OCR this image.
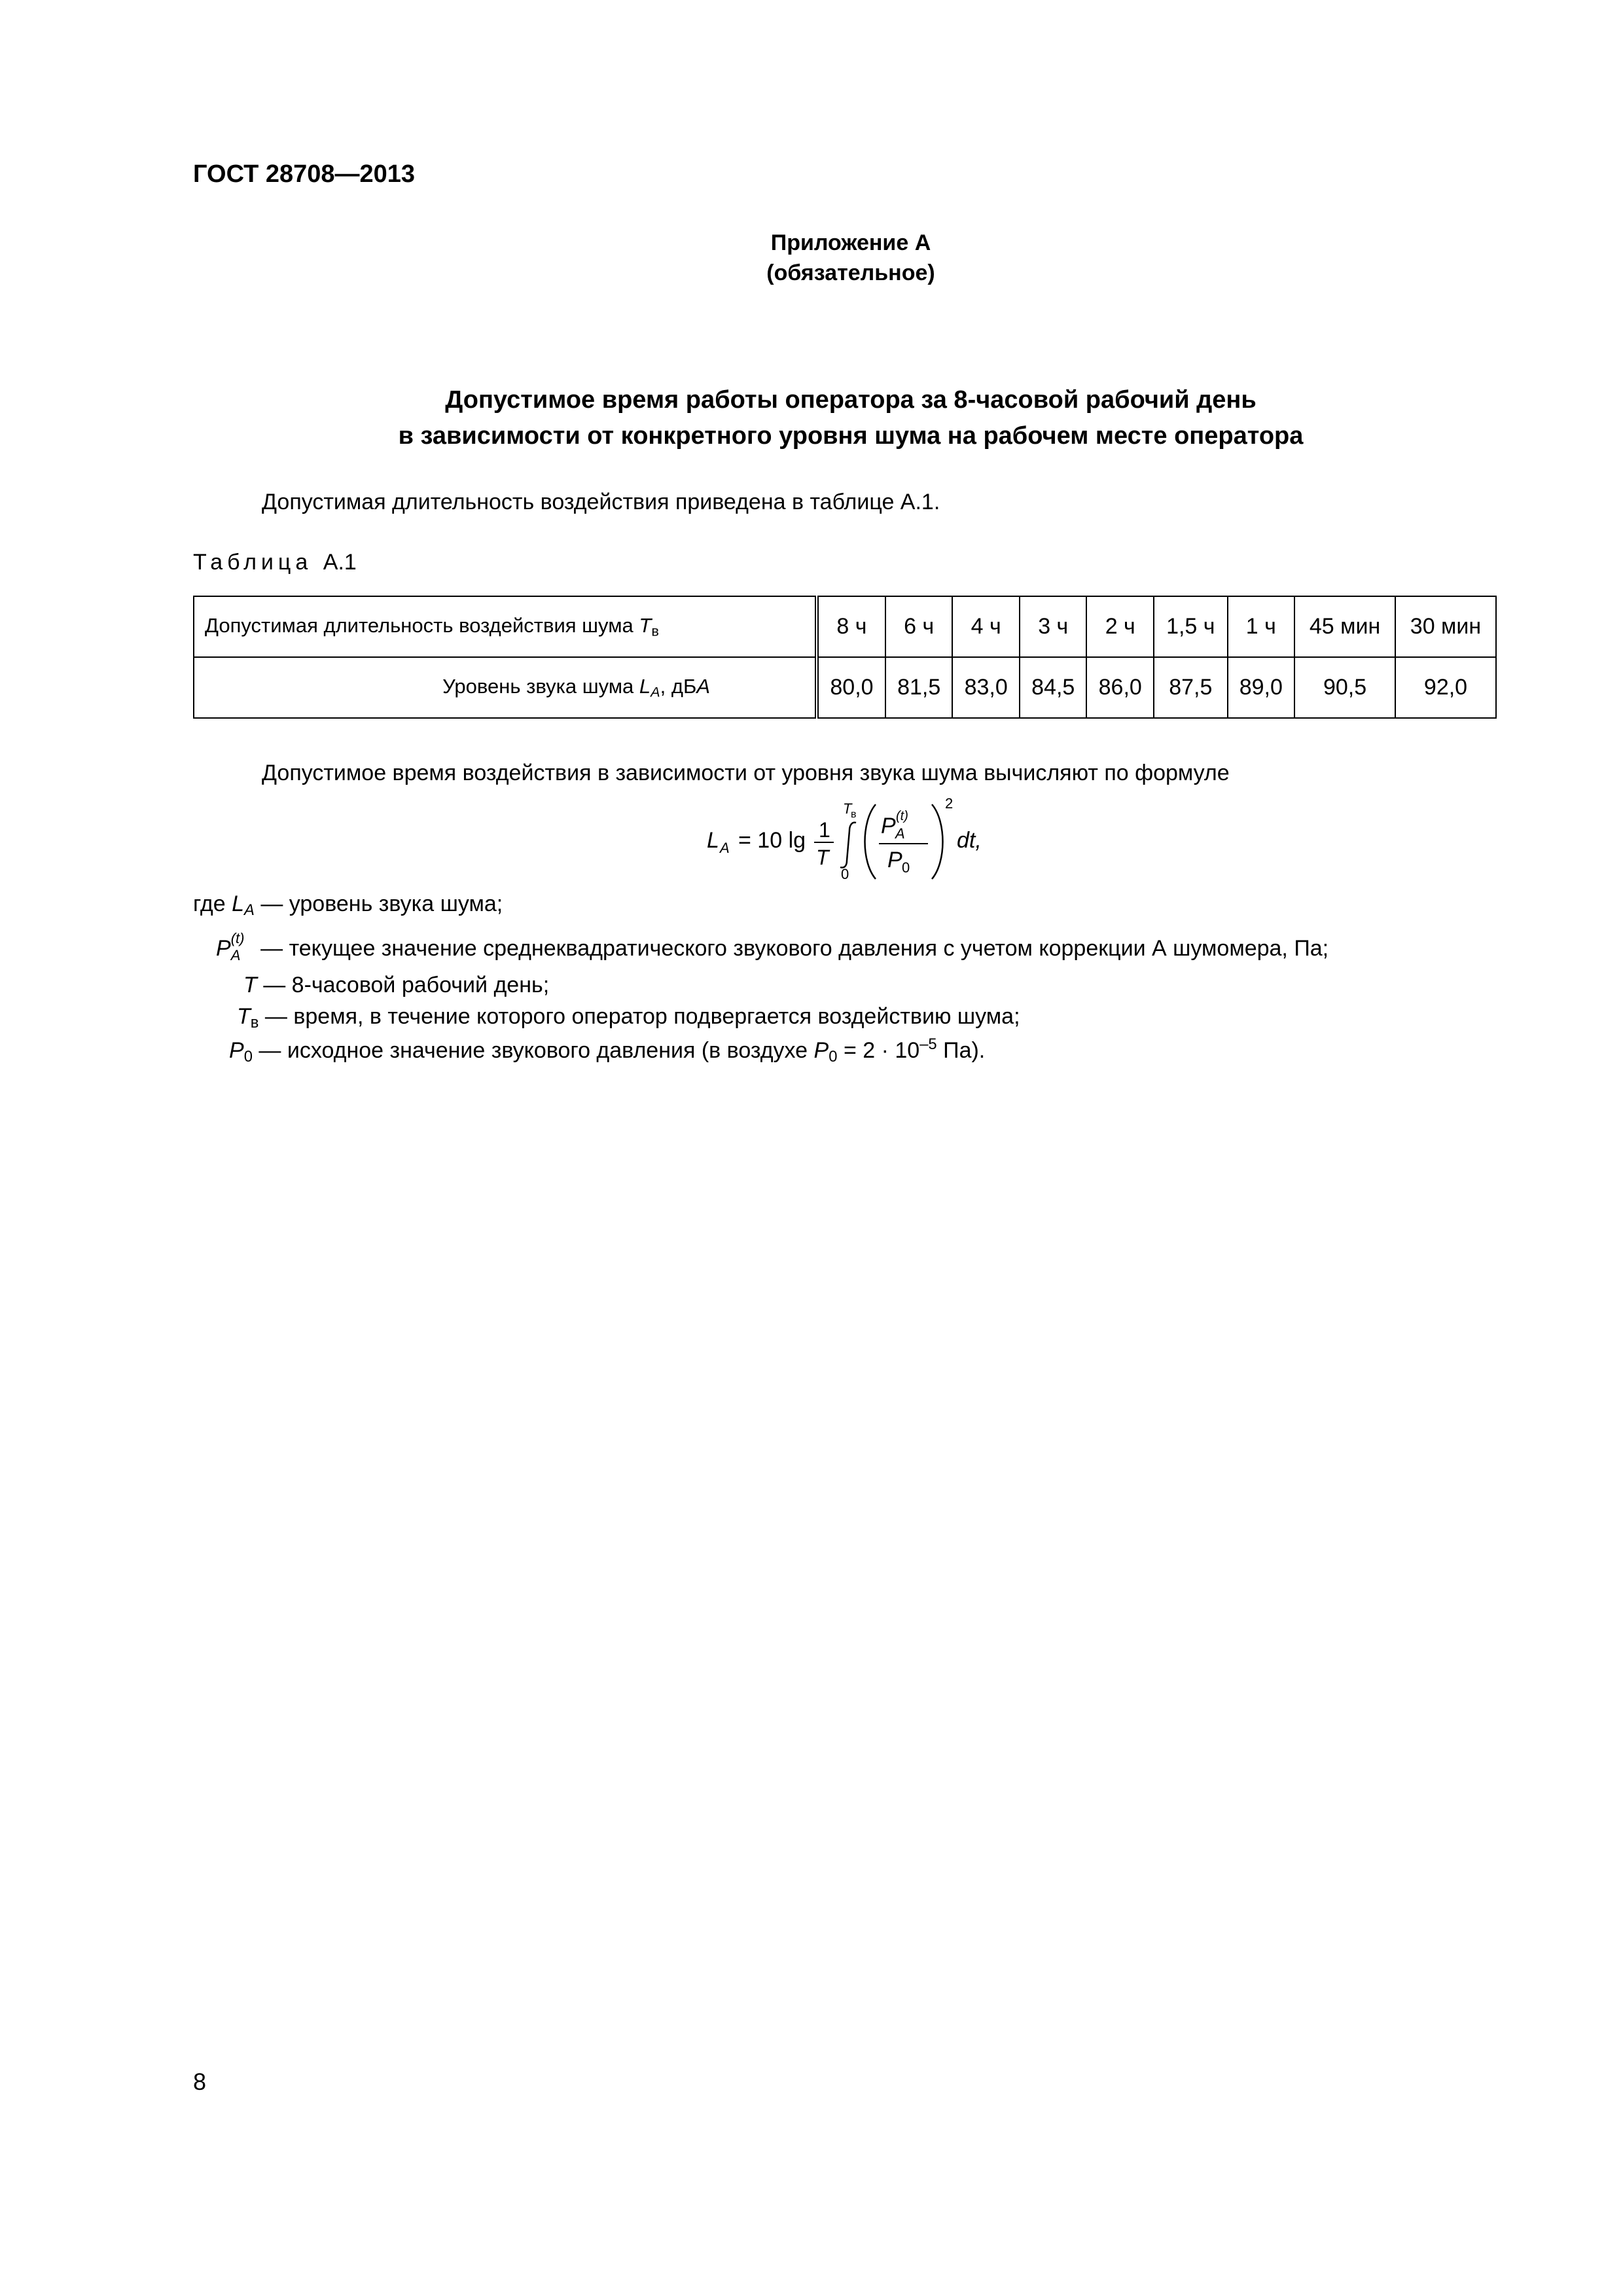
ГОСТ 28708—2013
Приложение А
(обязательное)
Допустимое время работы оператора за 8-часовой рабочий день
в зависимости от конкретного уровня шума на рабочем месте оператора
Допустимая длительность воздействия приведена в таблице А.1.
Таблица А.1
Допустимая длительность воздействия шума $T_в$	8 ч	6 ч	4 ч	3 ч	2 ч	1,5 ч	1 ч	45 мин	30 мин
Уровень звука шума $L_A$, дБA	80,0	81,5	83,0	84,5	86,0	87,5	89,0	90,5	92,0
Допустимое время воздействия в зависимости от уровня звука шума вычисляют по формуле
L A = 10 lg 1
T
T
в
0
P A
(t)
P 0
2
dt,
где $L_A$ — уровень звука шума;
P (t)
A — текущее значение среднеквадратического звукового давления с учетом коррекции А шумомера, Па;
T — 8-часовой рабочий день;
$T_в$ — время, в течение которого оператор подвергается воздействию шума;
$P_0$ — исходное значение звукового давления (в воздухе $P_0 = 2 \cdot 10^{-5}$ Па).
8
